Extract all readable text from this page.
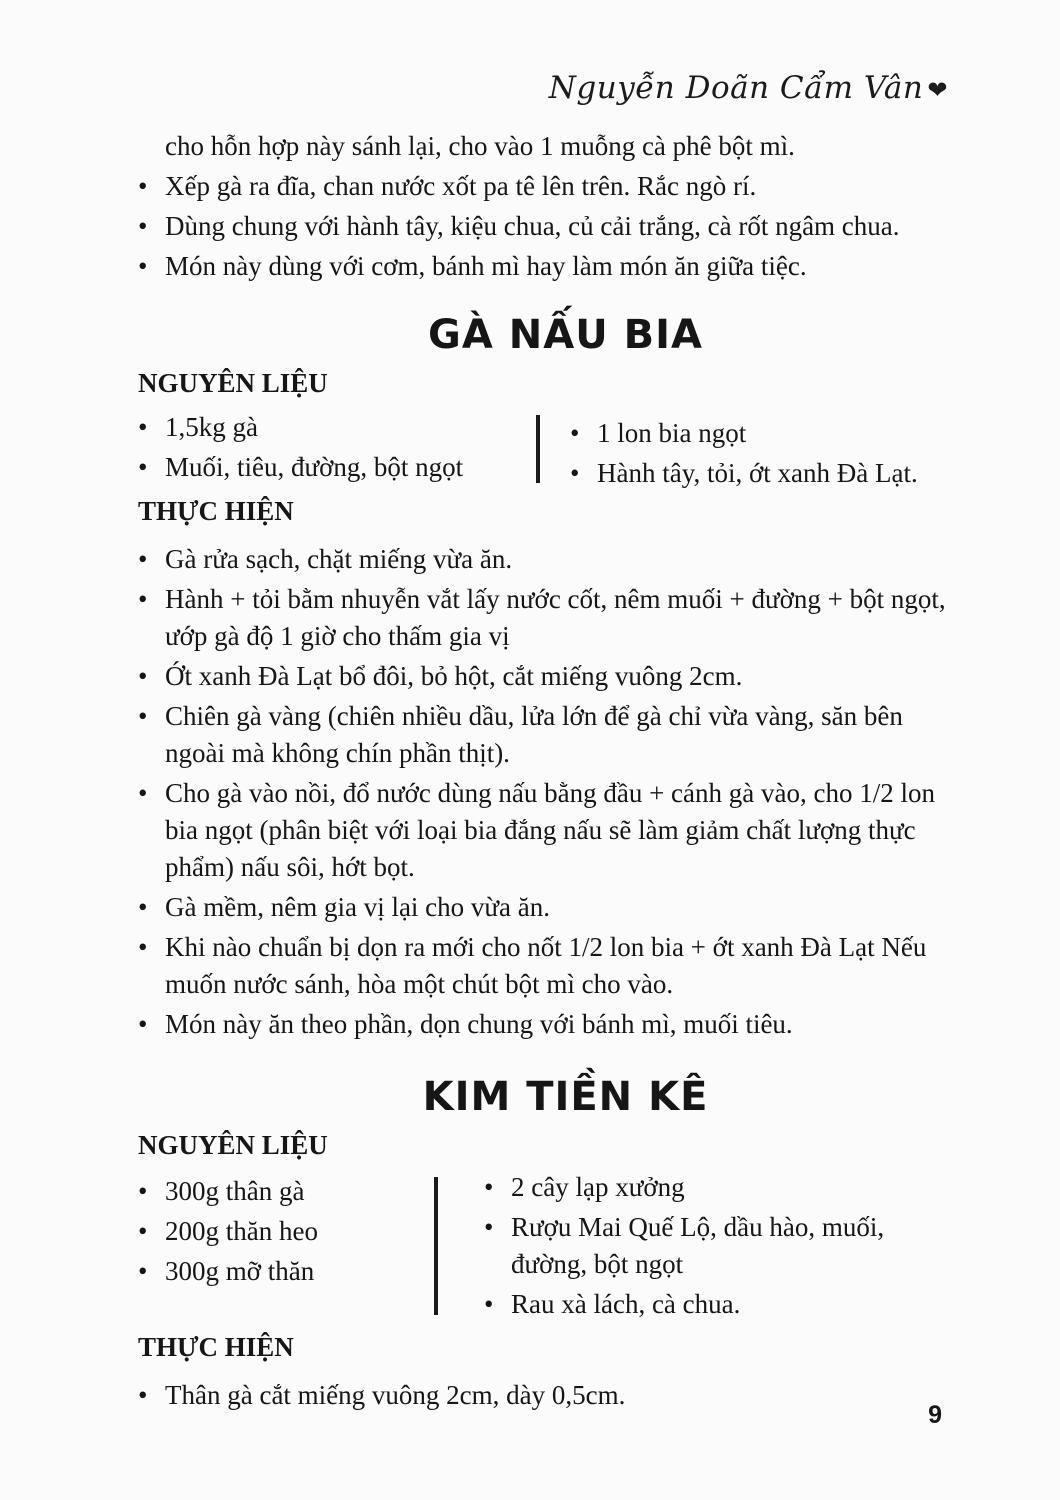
Nguyễn Doãn Cẩm Vân ❤
cho hỗn hợp này sánh lại, cho vào 1 muỗng cà phê bột mì.
• Xếp gà ra đĩa, chan nước xốt pa tê lên trên. Rắc ngò rí.
• Dùng chung với hành tây, kiệu chua, củ cải trắng, cà rốt ngâm chua.
• Món này dùng với cơm, bánh mì hay làm món ăn giữa tiệc.
GÀ NẤU BIA
NGUYÊN LIỆU
• 1,5kg gà
• Muối, tiêu, đường, bột ngọt
• 1 lon bia ngọt
• Hành tây, tỏi, ớt xanh Đà Lạt.
THỰC HIỆN
• Gà rửa sạch, chặt miếng vừa ăn.
• Hành + tỏi bằm nhuyễn vắt lấy nước cốt, nêm muối + đường + bột ngọt, ướp gà độ 1 giờ cho thấm gia vị
• Ớt xanh Đà Lạt bổ đôi, bỏ hột, cắt miếng vuông 2cm.
• Chiên gà vàng (chiên nhiều dầu, lửa lớn để gà chỉ vừa vàng, săn bên ngoài mà không chín phần thịt).
• Cho gà vào nồi, đổ nước dùng nấu bằng đầu + cánh gà vào, cho 1/2 lon bia ngọt (phân biệt với loại bia đắng nấu sẽ làm giảm chất lượng thực phẩm) nấu sôi, hớt bọt.
• Gà mềm, nêm gia vị lại cho vừa ăn.
• Khi nào chuẩn bị dọn ra mới cho nốt 1/2 lon bia + ớt xanh Đà Lạt Nếu muốn nước sánh, hòa một chút bột mì cho vào.
• Món này ăn theo phần, dọn chung với bánh mì, muối tiêu.
KIM TIỀN KÊ
NGUYÊN LIỆU
• 300g thân gà
• 200g thăn heo
• 300g mỡ thăn
• 2 cây lạp xưởng
• Rượu Mai Quế Lộ, dầu hào, muối, đường, bột ngọt
• Rau xà lách, cà chua.
THỰC HIỆN
• Thân gà cắt miếng vuông 2cm, dày 0,5cm.
9
